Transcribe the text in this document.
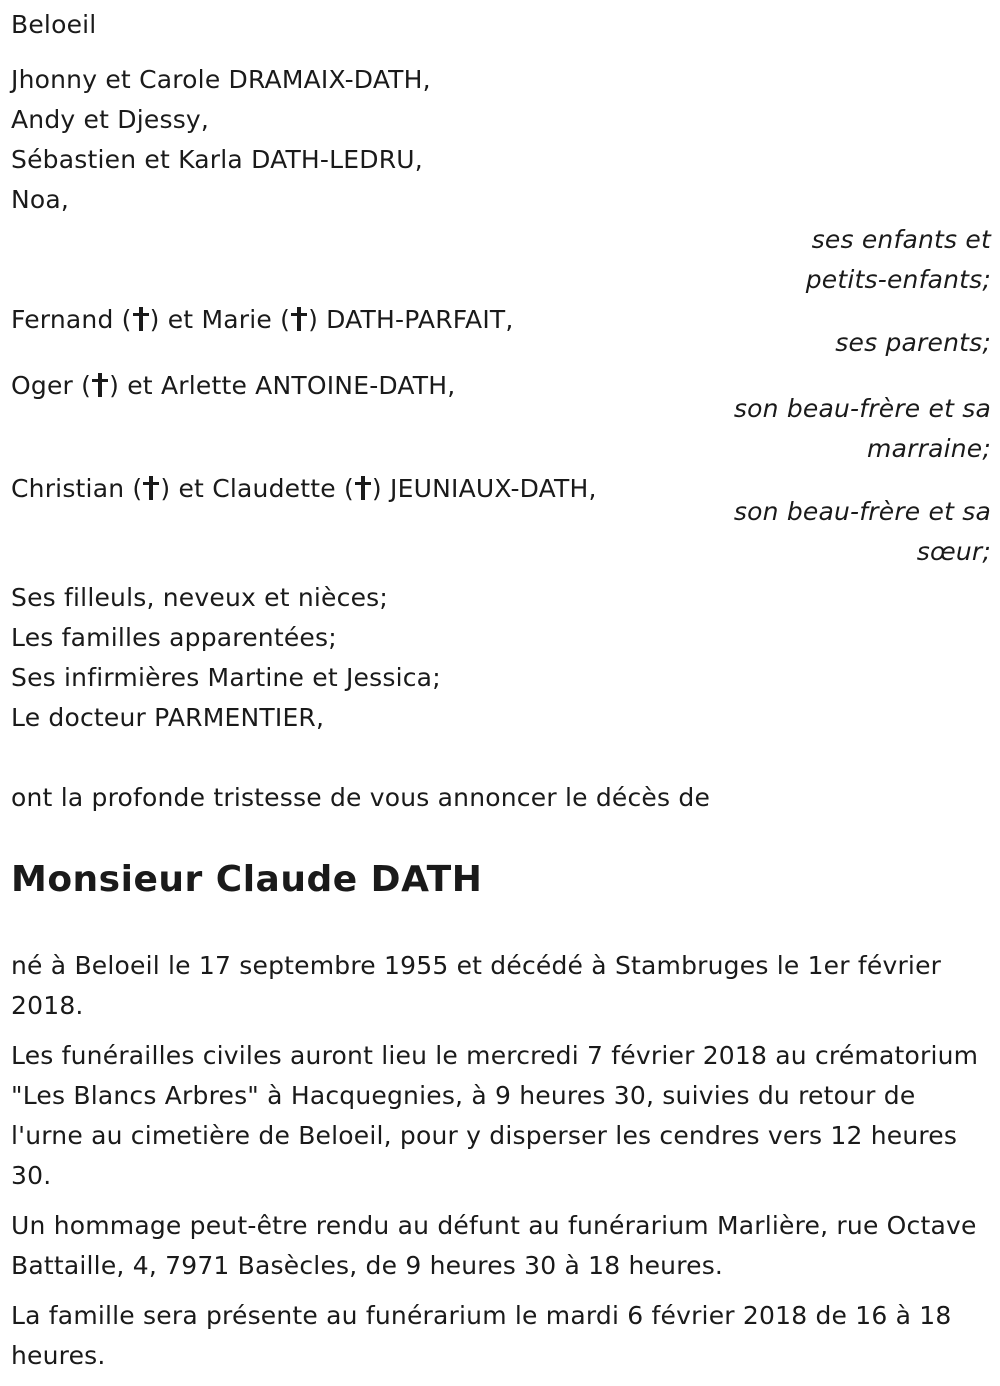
Beloeil
Jhonny et Carole DRAMAIX-DATH,
Andy et Djessy,
Sébastien et Karla DATH-LEDRU,
Noa,
ses enfants et
petits-enfants;
Fernand ( ) et Marie ( ) DATH-PARFAIT,
ses parents;
Oger ( ) et Arlette ANTOINE-DATH,
son beau-frère et sa
marraine;
Christian ( ) et Claudette ( ) JEUNIAUX-DATH,
son beau-frère et sa
sœur;
Ses filleuls, neveux et nièces;
Les familles apparentées;
Ses infirmières Martine et Jessica;
Le docteur PARMENTIER,
ont la profonde tristesse de vous annoncer le décès de
Monsieur Claude DATH

né à Beloeil le 17 septembre 1955 et décédé à Stambruges le 1er février 2018.

Les funérailles civiles auront lieu le mercredi 7 février 2018 au crématorium "Les Blancs Arbres" à Hacquegnies, à 9 heures 30, suivies du retour de l'urne au cimetière de Beloeil, pour y disperser les cendres vers 12 heures 30.

Un hommage peut-être rendu au défunt au funérarium Marlière, rue Octave Battaille, 4, 7971 Basècles, de 9 heures 30 à 18 heures.

La famille sera présente au funérarium le mardi 6 février 2018 de 16 à 18 heures.
